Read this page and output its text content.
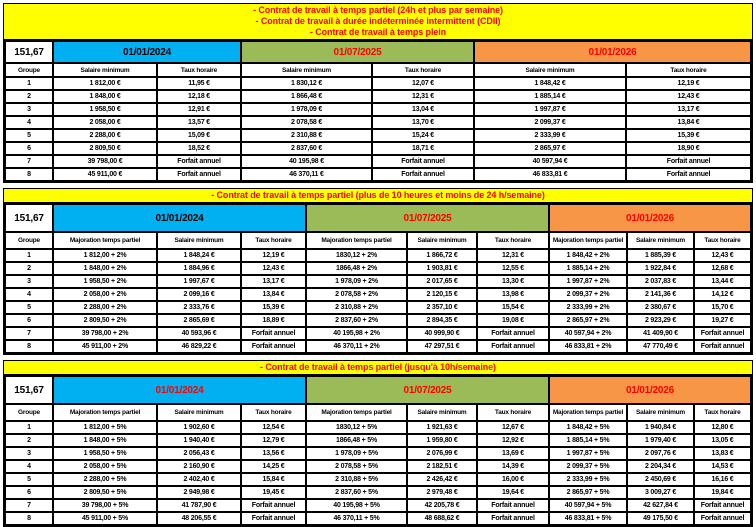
- Contrat de travail à temps partiel (24h et plus par semaine)
- Contrat de travail à durée indéterminée intermittent (CDII)
- Contrat de travail à temps plein
151,67	01/01/2024		01/07/2025		01/01/2026	
Groupe	Salaire minimum	Taux horaire	Salaire minimum	Taux horaire	Salaire minimum	Taux horaire
1	1 812,00 €	11,95 €	1 830,12 €	12,07 €	1 848,42 €	12,19 €
2	1 848,00 €	12,18 €	1 866,48 €	12,31 €	1 885,14 €	12,43 €
3	1 958,50 €	12,91 €	1 978,09 €	13,04 €	1 997,87 €	13,17 €
4	2 058,00 €	13,57 €	2 078,58 €	13,70 €	2 099,37 €	13,84 €
5	2 288,00 €	15,09 €	2 310,88 €	15,24 €	2 333,99 €	15,39 €
6	2 809,50 €	18,52 €	2 837,60 €	18,71 €	2 865,97 €	18,90 €
7	39 798,00 €	Forfait annuel	40 195,98 €	Forfait annuel	40 597,94 €	Forfait annuel
8	45 911,00 €	Forfait annuel	46 370,11 €	Forfait annuel	46 833,81 €	Forfait annuel
- Contrat de travail à temps partiel (plus de 10 heures et moins de 24 h/semaine)
151,67	01/01/2024			01/07/2025			01/01/2026		
Groupe	Majoration temps partiel	Salaire minimum	Taux horaire	Majoration temps partiel	Salaire minimum	Taux horaire	Majoration temps partiel	Salaire minimum	Taux horaire
1	1 812,00 + 2%	1 848,24 €	12,19 €	1830,12 + 2%	1 866,72 €	12,31 €	1 848,42 + 2%	1 885,39 €	12,43 €
2	1 848,00 + 2%	1 884,96 €	12,43 €	1866,48 + 2%	1 903,81 €	12,55 €	1 885,14 + 2%	1 922,84 €	12,68 €
3	1 958,50 + 2%	1 997,67 €	13,17 €	1 978,09 + 2%	2 017,65 €	13,30 €	1 997,87 + 2%	2 037,83 €	13,44 €
4	2 058,00 + 2%	2 099,16 €	13,84 €	2 078,58 + 2%	2 120,15 €	13,98 €	2 099,37 + 2%	2 141,36 €	14,12 €
5	2 288,00 + 2%	2 333,76 €	15,39 €	2 310,88 + 2%	2 357,10 €	15,54 €	2 333,99 + 2%	2 380,67 €	15,70 €
6	2 809,50 + 2%	2 865,69 €	18,89 €	2 837,60 + 2%	2 894,35 €	19,08 €	2 865,97 + 2%	2 923,29 €	19,27 €
7	39 798,00 + 2%	40 593,96 €	Forfait annuel	40 195,98 + 2%	40 999,90 €	Forfait annuel	40 597,94 + 2%	41 409,90 €	Forfait annuel
8	45 911,00 + 2%	46 829,22 €	Forfait annuel	46 370,11 + 2%	47 297,51 €	Forfait annuel	46 833,81 + 2%	47 770,49 €	Forfait annuel
- Contrat de travail à temps partiel (jusqu'à 10h/semaine)
151,67	01/01/2024			01/07/2025			01/01/2026		
Groupe	Majoration temps partiel	Salaire minimum	Taux horaire	Majoration temps partiel	Salaire minimum	Taux horaire	Majoration temps partiel	Salaire minimum	Taux horaire
1	1 812,00 + 5%	1 902,60 €	12,54 €	1830,12 + 5%	1 921,63 €	12,67 €	1 848,42 + 5%	1 940,84 €	12,80 €
2	1 848,00 + 5%	1 940,40 €	12,79 €	1866,48 + 5%	1 959,80 €	12,92 €	1 885,14 + 5%	1 979,40 €	13,05 €
3	1 958,50 + 5%	2 056,43 €	13,56 €	1 978,09 + 5%	2 076,99 €	13,69 €	1 997,87 + 5%	2 097,76 €	13,83 €
4	2 058,00 + 5%	2 160,90 €	14,25 €	2 078,58 + 5%	2 182,51 €	14,39 €	2 099,37 + 5%	2 204,34 €	14,53 €
5	2 288,00 + 5%	2 402,40 €	15,84 €	2 310,88 + 5%	2 426,42 €	16,00 €	2 333,99 + 5%	2 450,69 €	16,16 €
6	2 809,50 + 5%	2 949,98 €	19,45 €	2 837,60 + 5%	2 979,48 €	19,64 €	2 865,97 + 5%	3 009,27 €	19,84 €
7	39 798,00 + 5%	41 787,90 €	Forfait annuel	40 195,98 + 5%	42 205,78 €	Forfait annuel	40 597,94 + 5%	42 627,84 €	Forfait annuel
8	45 911,00 + 5%	48 206,55 €	Forfait annuel	46 370,11 + 5%	48 688,62 €	Forfait annuel	46 833,81 + 5%	49 175,50 €	Forfait annuel
